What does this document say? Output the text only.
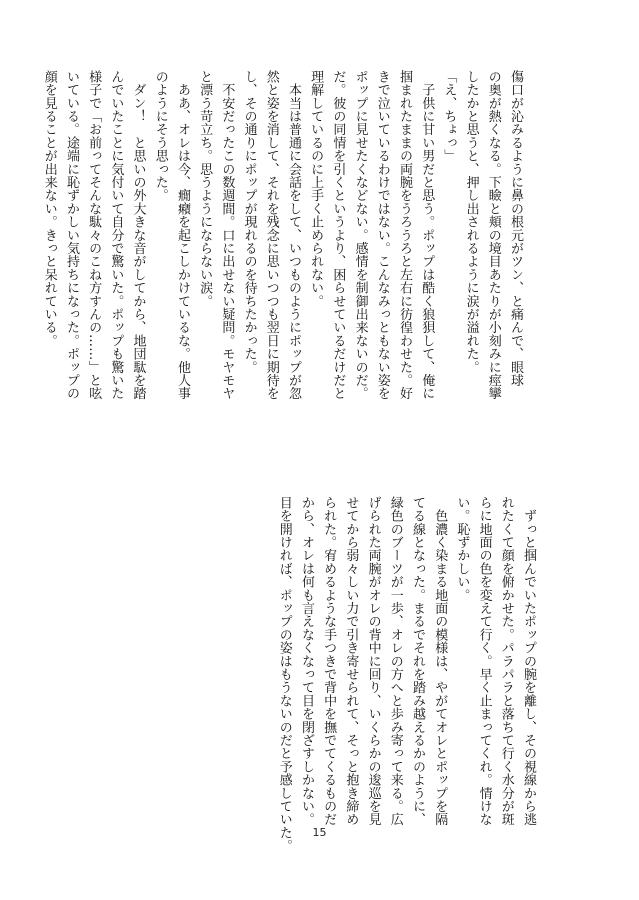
傷口が沁みるように鼻の根元がツン、と痛んで、眼球
の奥が熱くなる。下瞼と頬の境目あたりが小刻みに痙攣
したかと思うと、押し出されるように涙が溢れた。
「え、ちょっ」
　子供に甘い男だと思う。ポップは酷く狼狽して、俺に
掴まれたままの両腕をうろうろと左右に彷徨わせた。好
きで泣いているわけではない。こんなみっともない姿を
ポップに見せたくなどない。感情を制御出来ないのだ。
だ。彼の同情を引くというより、困らせているだけだと
理解しているのに上手く止められない。
　本当は普通に会話をして、いつものようにポップが忽
然と姿を消して、それを残念に思いつつも翌日に期待を
し、その通りにポップが現れるのを待ちたかった。
　不安だったこの数週間。口に出せない疑問。モヤモヤ
と漂う苛立ち。思うようにならない涙。
　ああ、オレは今、癇癪を起こしかけているな。他人事
のようにそう思った。
　ダン！　と思いの外大きな音がしてから、地団駄を踏
んでいたことに気付いて自分で驚いた。ポップも驚いた
様子で「お前ってそんな駄々のこね方すんの……」と呟
いている。途端に恥ずかしい気持ちになった。ポップの
顔を見ることが出来ない。きっと呆れている。
　ずっと掴んでいたポップの腕を離し、その視線から逃
れたくて顔を俯かせた。パラパラと落ちて行く水分が斑
らに地面の色を変えて行く。早く止まってくれ。情けな
い。恥ずかしい。
　色濃く染まる地面の模様は、やがてオレとポップを隔
てる線となった。まるでそれを踏み越えるかのように、
緑色のブーツが一歩、オレの方へと歩み寄って来る。広
げられた両腕がオレの背中に回り、いくらかの逡巡を見
せてから弱々しい力で引き寄せられて、そっと抱き締め
られた。宥めるような手つきで背中を撫でてくるものだ
から、オレは何も言えなくなって目を閉ざすしかない。
目を開ければ、ポップの姿はもうないのだと予感していた。	15
